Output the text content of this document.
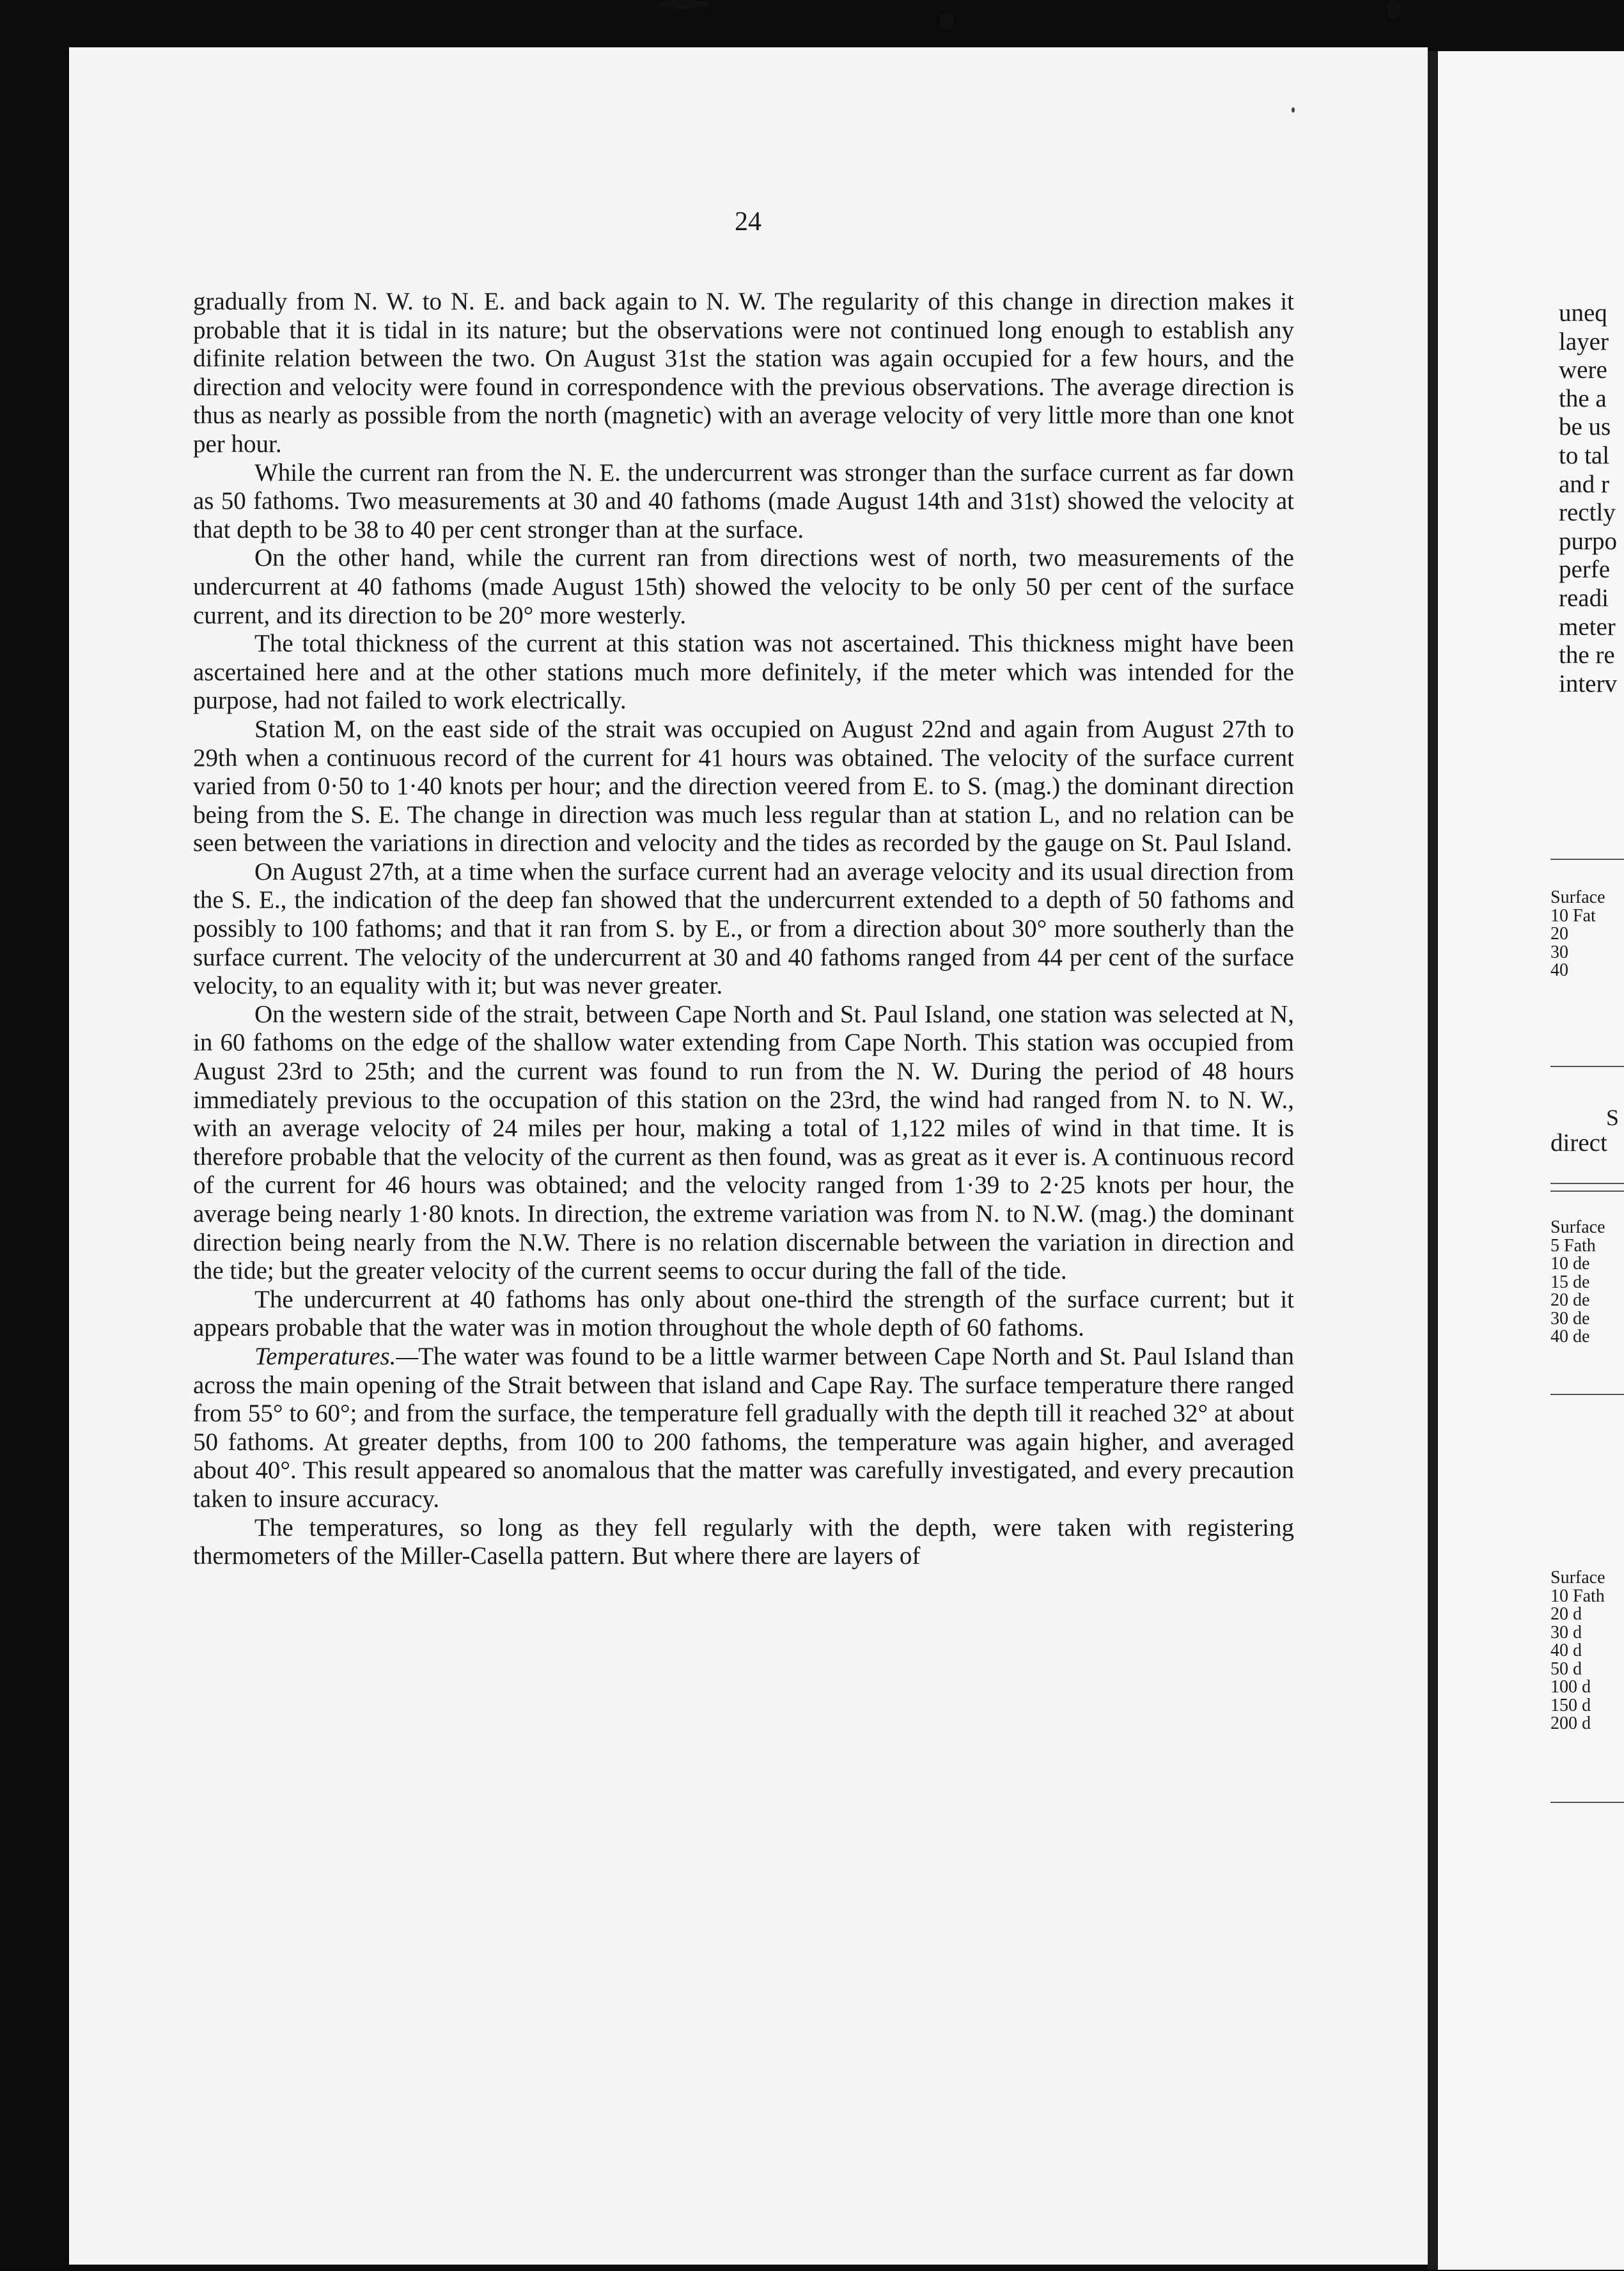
24

gradually from N. W. to N. E. and back again to N. W. The regularity of this change in direction makes it probable that it is tidal in its nature; but the observations were not continued long enough to establish any difinite relation between the two. On August 31st the station was again occupied for a few hours, and the direction and velocity were found in correspondence with the previous observations. The average direction is thus as nearly as possible from the north (magnetic) with an average velocity of very little more than one knot per hour.

While the current ran from the N. E. the undercurrent was stronger than the surface current as far down as 50 fathoms. Two measurements at 30 and 40 fathoms (made August 14th and 31st) showed the velocity at that depth to be 38 to 40 per cent stronger than at the surface.

On the other hand, while the current ran from directions west of north, two measurements of the undercurrent at 40 fathoms (made August 15th) showed the velocity to be only 50 per cent of the surface current, and its direction to be 20° more westerly.

The total thickness of the current at this station was not ascertained. This thickness might have been ascertained here and at the other stations much more definitely, if the meter which was intended for the purpose, had not failed to work electrically.

Station M, on the east side of the strait was occupied on August 22nd and again from August 27th to 29th when a continuous record of the current for 41 hours was obtained. The velocity of the surface current varied from 0·50 to 1·40 knots per hour; and the direction veered from E. to S. (mag.) the dominant direction being from the S. E. The change in direction was much less regular than at station L, and no relation can be seen between the variations in direction and velocity and the tides as recorded by the gauge on St. Paul Island.

On August 27th, at a time when the surface current had an average velocity and its usual direction from the S. E., the indication of the deep fan showed that the undercurrent extended to a depth of 50 fathoms and possibly to 100 fathoms; and that it ran from S. by E., or from a direction about 30° more southerly than the surface current. The velocity of the undercurrent at 30 and 40 fathoms ranged from 44 per cent of the surface velocity, to an equality with it; but was never greater.

On the western side of the strait, between Cape North and St. Paul Island, one station was selected at N, in 60 fathoms on the edge of the shallow water extending from Cape North. This station was occupied from August 23rd to 25th; and the current was found to run from the N. W. During the period of 48 hours immediately previous to the occupation of this station on the 23rd, the wind had ranged from N. to N. W., with an average velocity of 24 miles per hour, making a total of 1,122 miles of wind in that time. It is therefore probable that the velocity of the current as then found, was as great as it ever is. A continuous record of the current for 46 hours was obtained; and the velocity ranged from 1·39 to 2·25 knots per hour, the average being nearly 1·80 knots. In direction, the extreme variation was from N. to N.W. (mag.) the dominant direction being nearly from the N.W. There is no relation discernable between the variation in direction and the tide; but the greater velocity of the current seems to occur during the fall of the tide.

The undercurrent at 40 fathoms has only about one-third the strength of the surface current; but it appears probable that the water was in motion throughout the whole depth of 60 fathoms.

Temperatures.—The water was found to be a little warmer between Cape North and St. Paul Island than across the main opening of the Strait between that island and Cape Ray. The surface temperature there ranged from 55° to 60°; and from the surface, the temperature fell gradually with the depth till it reached 32° at about 50 fathoms. At greater depths, from 100 to 200 fathoms, the temperature was again higher, and averaged about 40°. This result appeared so anomalous that the matter was carefully investigated, and every precaution taken to insure accuracy.

The temperatures, so long as they fell regularly with the depth, were taken with registering thermometers of the Miller-Casella pattern. But where there are layers of

uneq
layer
were
the a
be us
to tal
and r
rectly
purpo
perfe
readi
meter
the re
interv
Surface
10 Fat
20
30
40
S
direct
Surface
5 Fath
10 de
15 de
20 de
30 de
40 de
Surface
10 Fath
20 d
30 d
40 d
50 d
100 d
150 d
200 d
